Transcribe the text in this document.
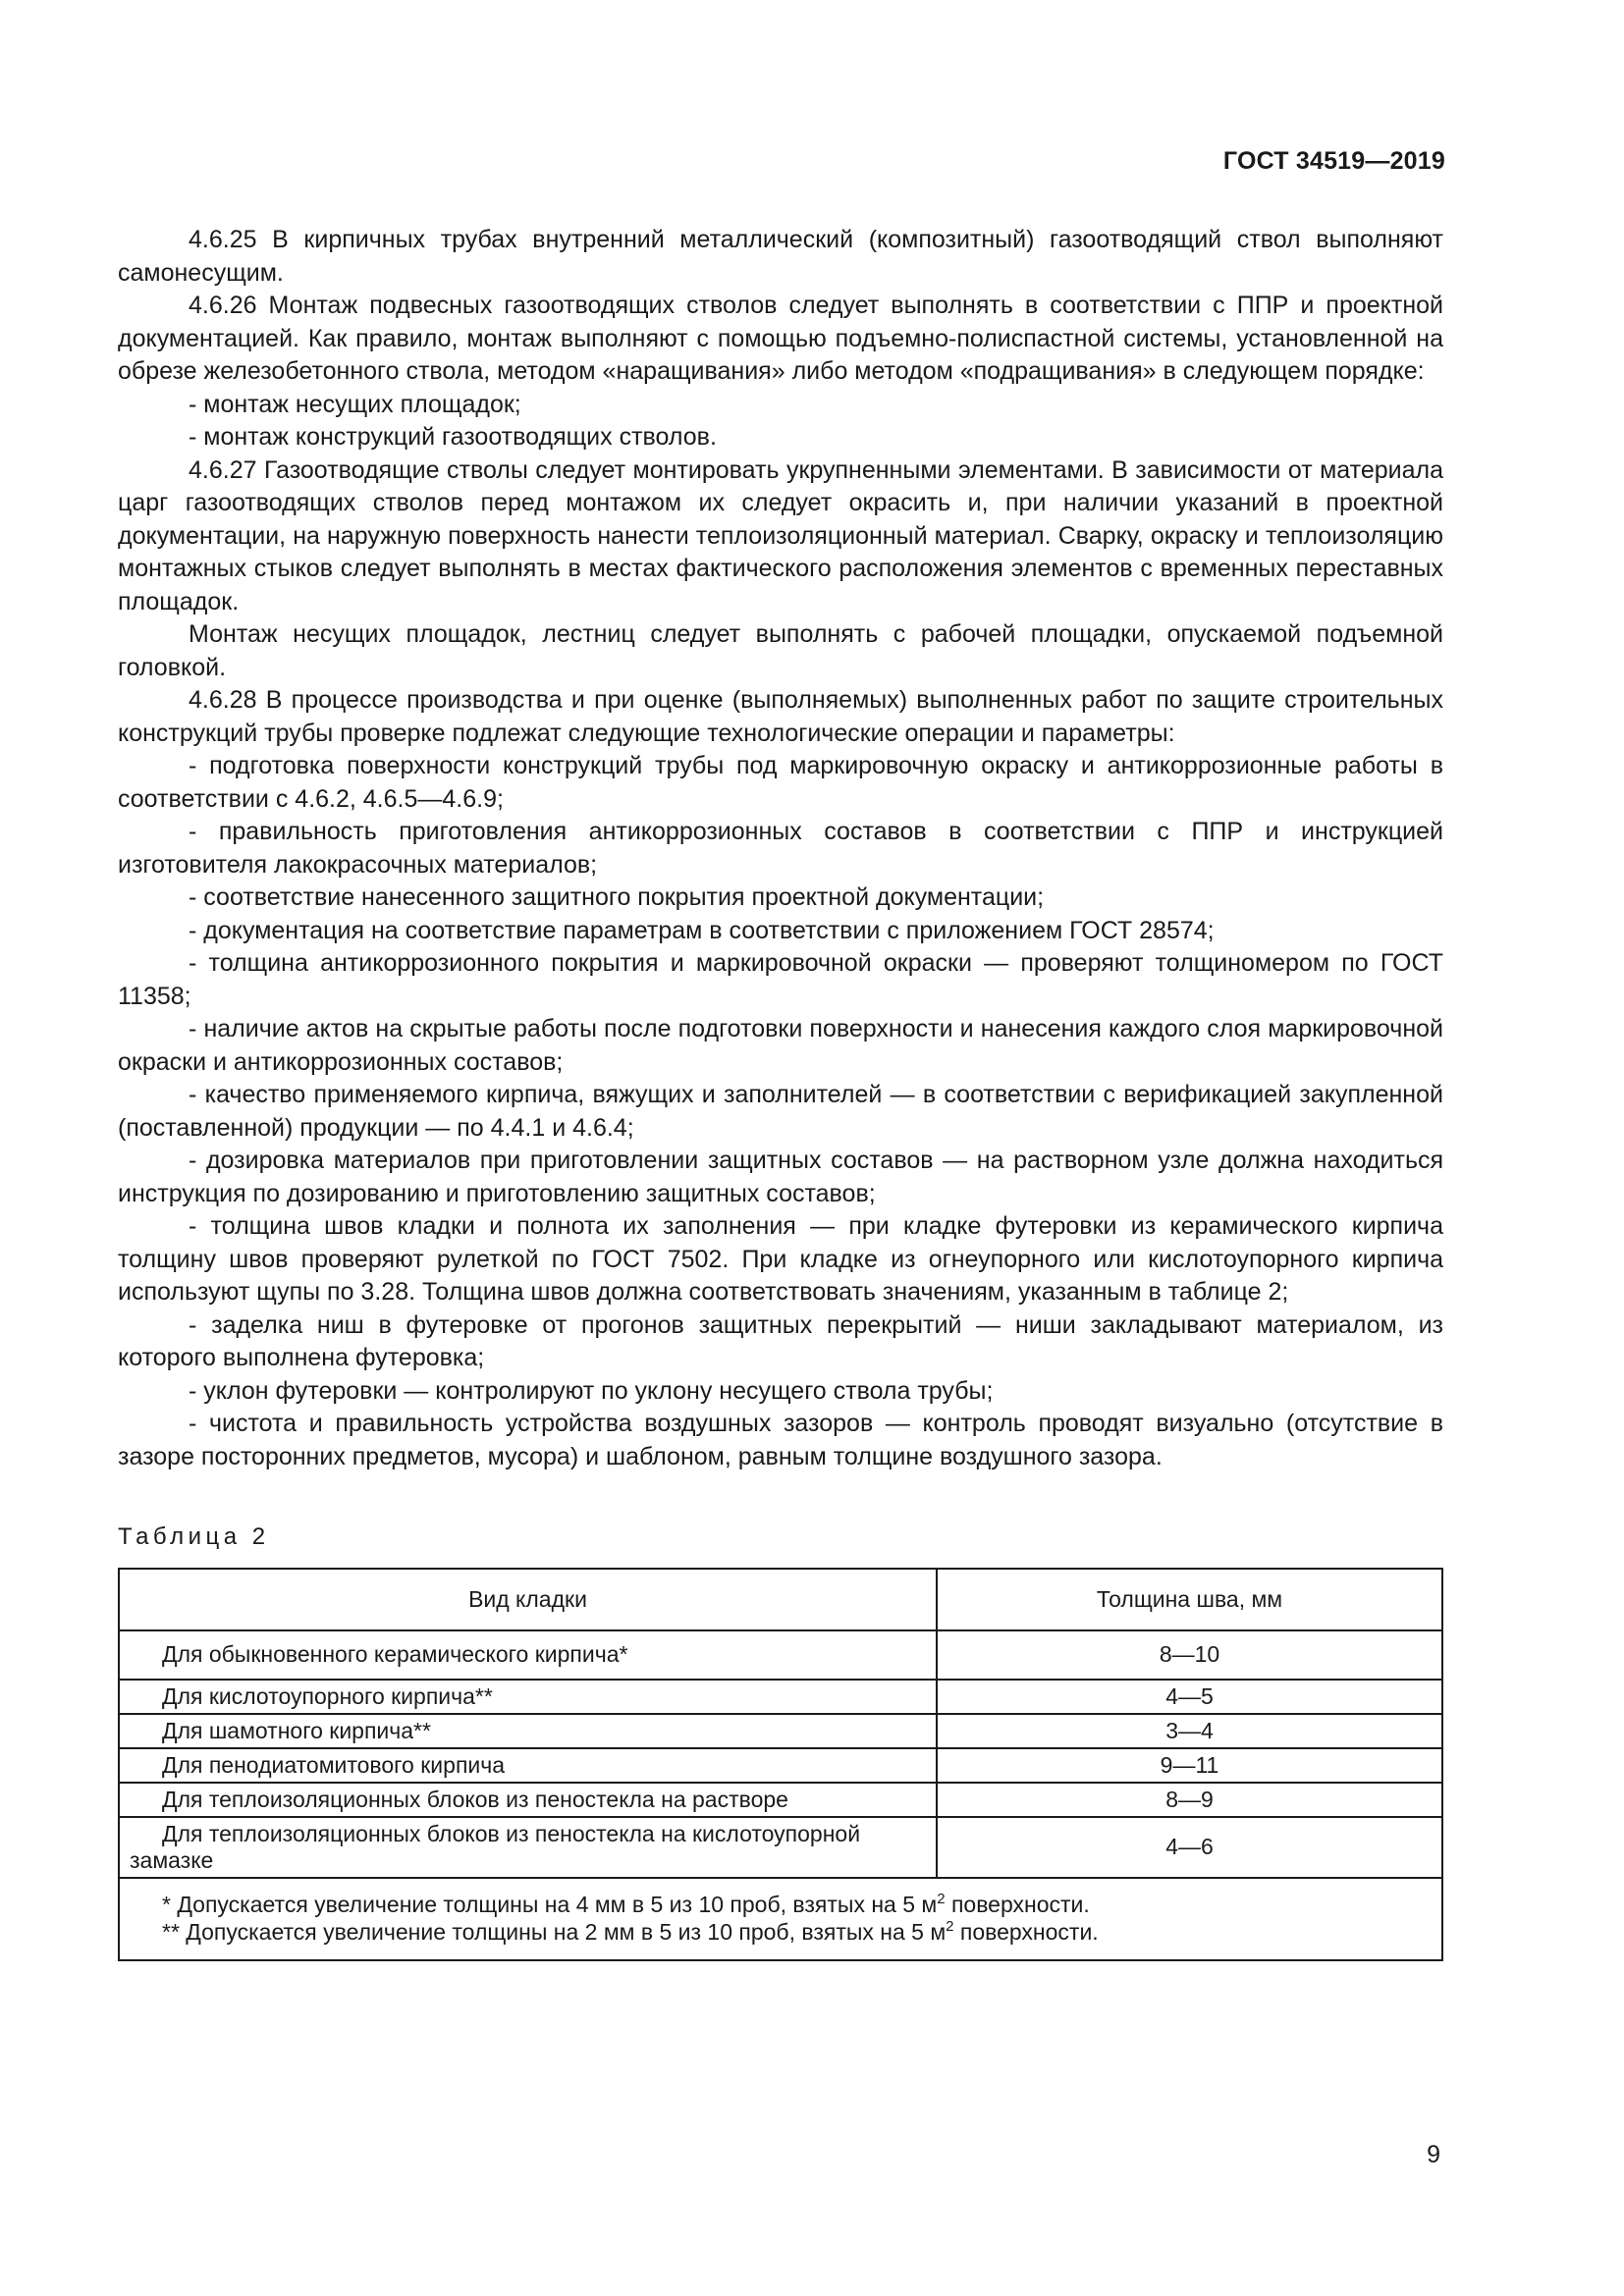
ГОСТ 34519—2019

4.6.25 В кирпичных трубах внутренний металлический (композитный) газоотводящий ствол выполняют самонесущим.

4.6.26 Монтаж подвесных газоотводящих стволов следует выполнять в соответствии с ППР и проектной документацией. Как правило, монтаж выполняют с помощью подъемно-полиспастной системы, установленной на обрезе железобетонного ствола, методом «наращивания» либо методом «подращивания» в следующем порядке:

- монтаж несущих площадок;

- монтаж конструкций газоотводящих стволов.

4.6.27 Газоотводящие стволы следует монтировать укрупненными элементами. В зависимости от материала царг газоотводящих стволов перед монтажом их следует окрасить и, при наличии указаний в проектной документации, на наружную поверхность нанести теплоизоляционный материал. Сварку, окраску и теплоизоляцию монтажных стыков следует выполнять в местах фактического расположения элементов с временных переставных площадок.

Монтаж несущих площадок, лестниц следует выполнять с рабочей площадки, опускаемой подъемной головкой.

4.6.28 В процессе производства и при оценке (выполняемых) выполненных работ по защите строительных конструкций трубы проверке подлежат следующие технологические операции и параметры:

- подготовка поверхности конструкций трубы под маркировочную окраску и антикоррозионные работы в соответствии с 4.6.2, 4.6.5—4.6.9;

- правильность приготовления антикоррозионных составов в соответствии с ППР и инструкцией изготовителя лакокрасочных материалов;

- соответствие нанесенного защитного покрытия проектной документации;

- документация на соответствие параметрам в соответствии с приложением ГОСТ 28574;

- толщина антикоррозионного покрытия и маркировочной окраски — проверяют толщиномером по ГОСТ 11358;

- наличие актов на скрытые работы после подготовки поверхности и нанесения каждого слоя маркировочной окраски и антикоррозионных составов;

- качество применяемого кирпича, вяжущих и заполнителей — в соответствии с верификацией закупленной (поставленной) продукции — по 4.4.1 и 4.6.4;

- дозировка материалов при приготовлении защитных составов — на растворном узле должна находиться инструкция по дозированию и приготовлению защитных составов;

- толщина швов кладки и полнота их заполнения — при кладке футеровки из керамического кирпича толщину швов проверяют рулеткой по ГОСТ 7502. При кладке из огнеупорного или кислотоупорного кирпича используют щупы по 3.28. Толщина швов должна соответствовать значениям, указанным в таблице 2;

- заделка ниш в футеровке от прогонов защитных перекрытий — ниши закладывают материалом, из которого выполнена футеровка;

- уклон футеровки — контролируют по уклону несущего ствола трубы;

- чистота и правильность устройства воздушных зазоров — контроль проводят визуально (отсутствие в зазоре посторонних предметов, мусора) и шаблоном, равным толщине воздушного зазора.

Таблица 2
Вид кладки	Толщина шва, мм
Для обыкновенного керамического кирпича*	8—10
Для кислотоупорного кирпича**	4—5
Для шамотного кирпича**	3—4
Для пенодиатомитового кирпича	9—11
Для теплоизоляционных блоков из пеностекла на растворе	8—9
Для теплоизоляционных блоков из пеностекла на кислотоупорной замазке	4—6

* Допускается увеличение толщины на 4 мм в 5 из 10 проб, взятых на 5 $м^2$ поверхности.
** Допускается увеличение толщины на 2 мм в 5 из 10 проб, взятых на 5 $м^2$ поверхности.	
9
